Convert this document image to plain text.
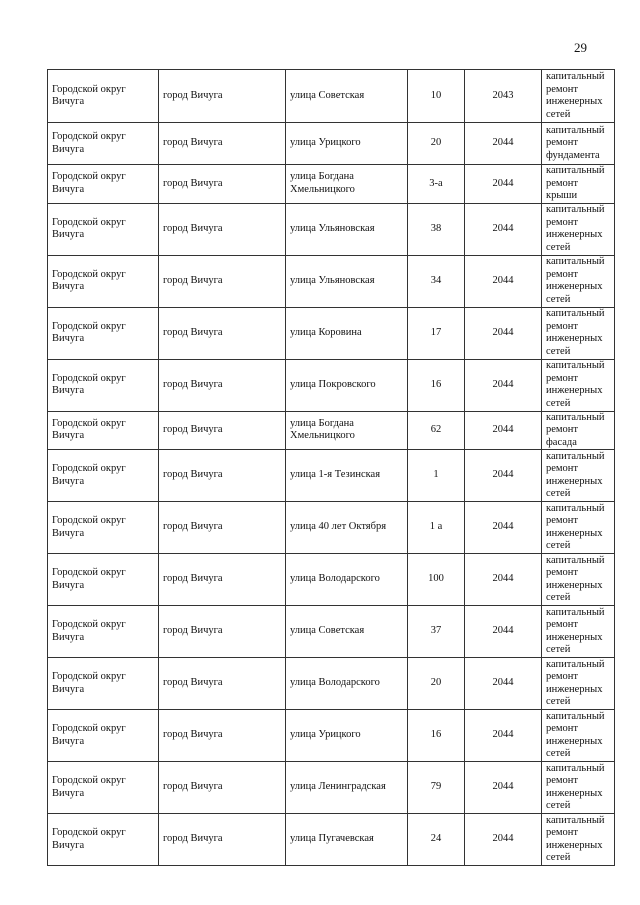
29
Городской округ Вичуга	город Вичуга	улица Советская	10	2043	капитальный ремонт инженерных сетей
Городской округ Вичуга	город Вичуга	улица Урицкого	20	2044	капитальный ремонт фундамента
Городской округ Вичуга	город Вичуга	улица Богдана Хмельницкого	3-а	2044	капитальный ремонт крыши
Городской округ Вичуга	город Вичуга	улица Ульяновская	38	2044	капитальный ремонт инженерных сетей
Городской округ Вичуга	город Вичуга	улица Ульяновская	34	2044	капитальный ремонт инженерных сетей
Городской округ Вичуга	город Вичуга	улица Коровина	17	2044	капитальный ремонт инженерных сетей
Городской округ Вичуга	город Вичуга	улица Покровского	16	2044	капитальный ремонт инженерных сетей
Городской округ Вичуга	город Вичуга	улица Богдана Хмельницкого	62	2044	капитальный ремонт фасада
Городской округ Вичуга	город Вичуга	улица 1-я Тезинская	1	2044	капитальный ремонт инженерных сетей
Городской округ Вичуга	город Вичуга	улица 40 лет Октября	1 а	2044	капитальный ремонт инженерных сетей
Городской округ Вичуга	город Вичуга	улица Володарского	100	2044	капитальный ремонт инженерных сетей
Городской округ Вичуга	город Вичуга	улица Советская	37	2044	капитальный ремонт инженерных сетей
Городской округ Вичуга	город Вичуга	улица Володарского	20	2044	капитальный ремонт инженерных сетей
Городской округ Вичуга	город Вичуга	улица Урицкого	16	2044	капитальный ремонт инженерных сетей
Городской округ Вичуга	город Вичуга	улица Ленинградская	79	2044	капитальный ремонт инженерных сетей
Городской округ Вичуга	город Вичуга	улица Пугачевская	24	2044	капитальный ремонт инженерных сетей
